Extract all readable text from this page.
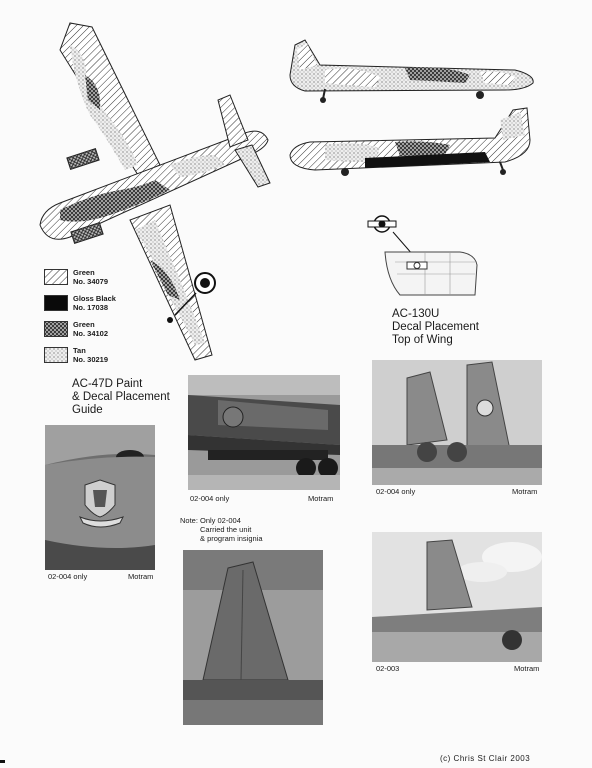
Green
No. 34079
Gloss Black
No. 17038
Green
No. 34102
Tan
No. 30219
AC-130U
Decal Placement
Top of Wing
AC-47D Paint
& Decal Placement
Guide
02-004 only	Motram
02-004 only	Motram
Note: Only 02-004
Carried the unit
& program insignia
02-004 only	Motram
02-003	Motram
(c) Chris St Clair 2003
